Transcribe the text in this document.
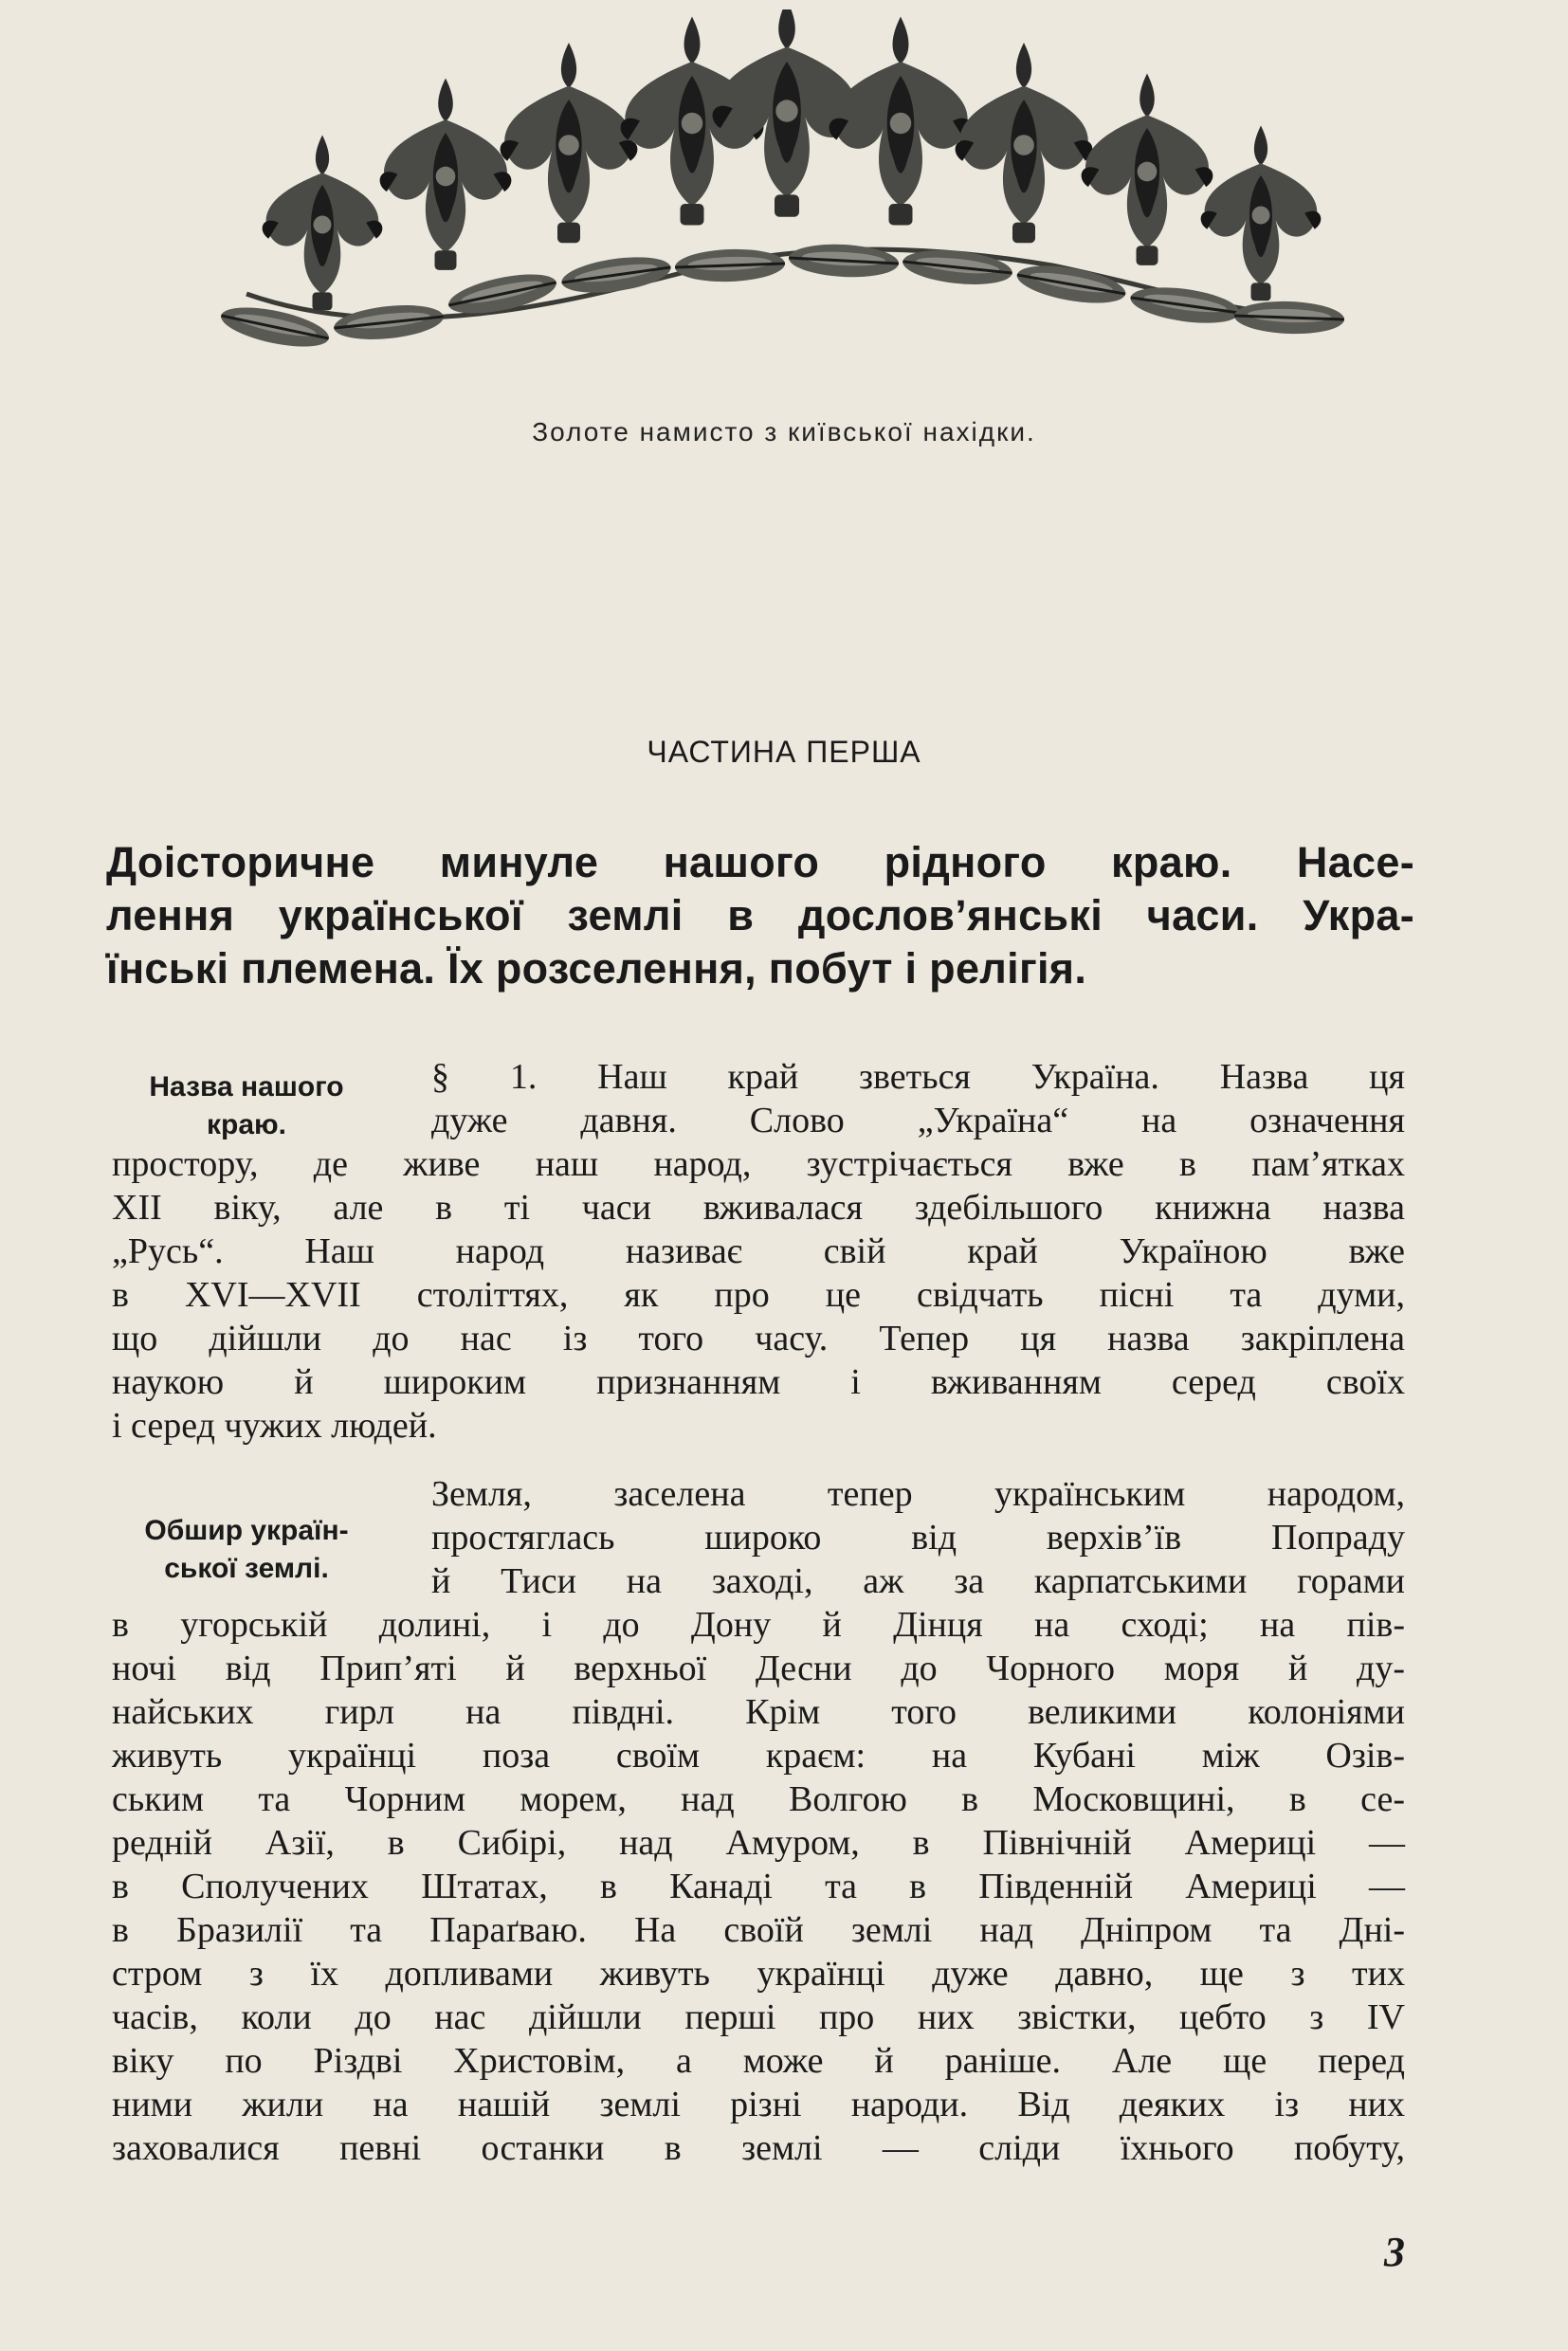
Золоте намисто з київської нахідки.
ЧАСТИНА ПЕРША
Доісторичне минуле нашого рідного краю. Насе-
лення української землі в дослов’янські часи. Укра-
їнські племена. Їх розселення, побут і релігія.
Назва нашого
краю.
§ 1. Наш край зветься Україна. Назва ця
дуже давня. Слово „Україна“ на означення
простору, де живе наш народ, зустрічається вже в пам’ятках
XII віку, але в ті часи вживалася здебільшого книжна назва
„Русь“. Наш народ називає свій край Україною вже
в XVI—XVII століттях, як про це свідчать пісні та думи,
що дійшли до нас із того часу. Тепер ця назва закріплена
наукою й широким признанням і вживанням серед своїх
і серед чужих людей.
Обшир україн-
ської землі.
Земля, заселена тепер українським народом,
простяглась широко від верхів’їв Попраду
й Тиси на заході, аж за карпатськими горами
в угорській долині, і до Дону й Дінця на сході; на пів-
ночі від Прип’яті й верхньої Десни до Чорного моря й ду-
найських гирл на півдні. Крім того великими колоніями
живуть українці поза своїм краєм: на Кубані між Озів-
ським та Чорним морем, над Волгою в Московщині, в се-
редній Азії, в Сибірі, над Амуром, в Північній Америці —
в Сполучених Штатах, в Канаді та в Південній Америці —
в Бразилії та Параґваю. На своїй землі над Дніпром та Дні-
стром з їх допливами живуть українці дуже давно, ще з тих
часів, коли до нас дійшли перші про них звістки, цебто з IV
віку по Різдві Христовім, а може й раніше. Але ще перед
ними жили на нашій землі різні народи. Від деяких із них
заховалися певні останки в землі — сліди їхнього побуту,
3
